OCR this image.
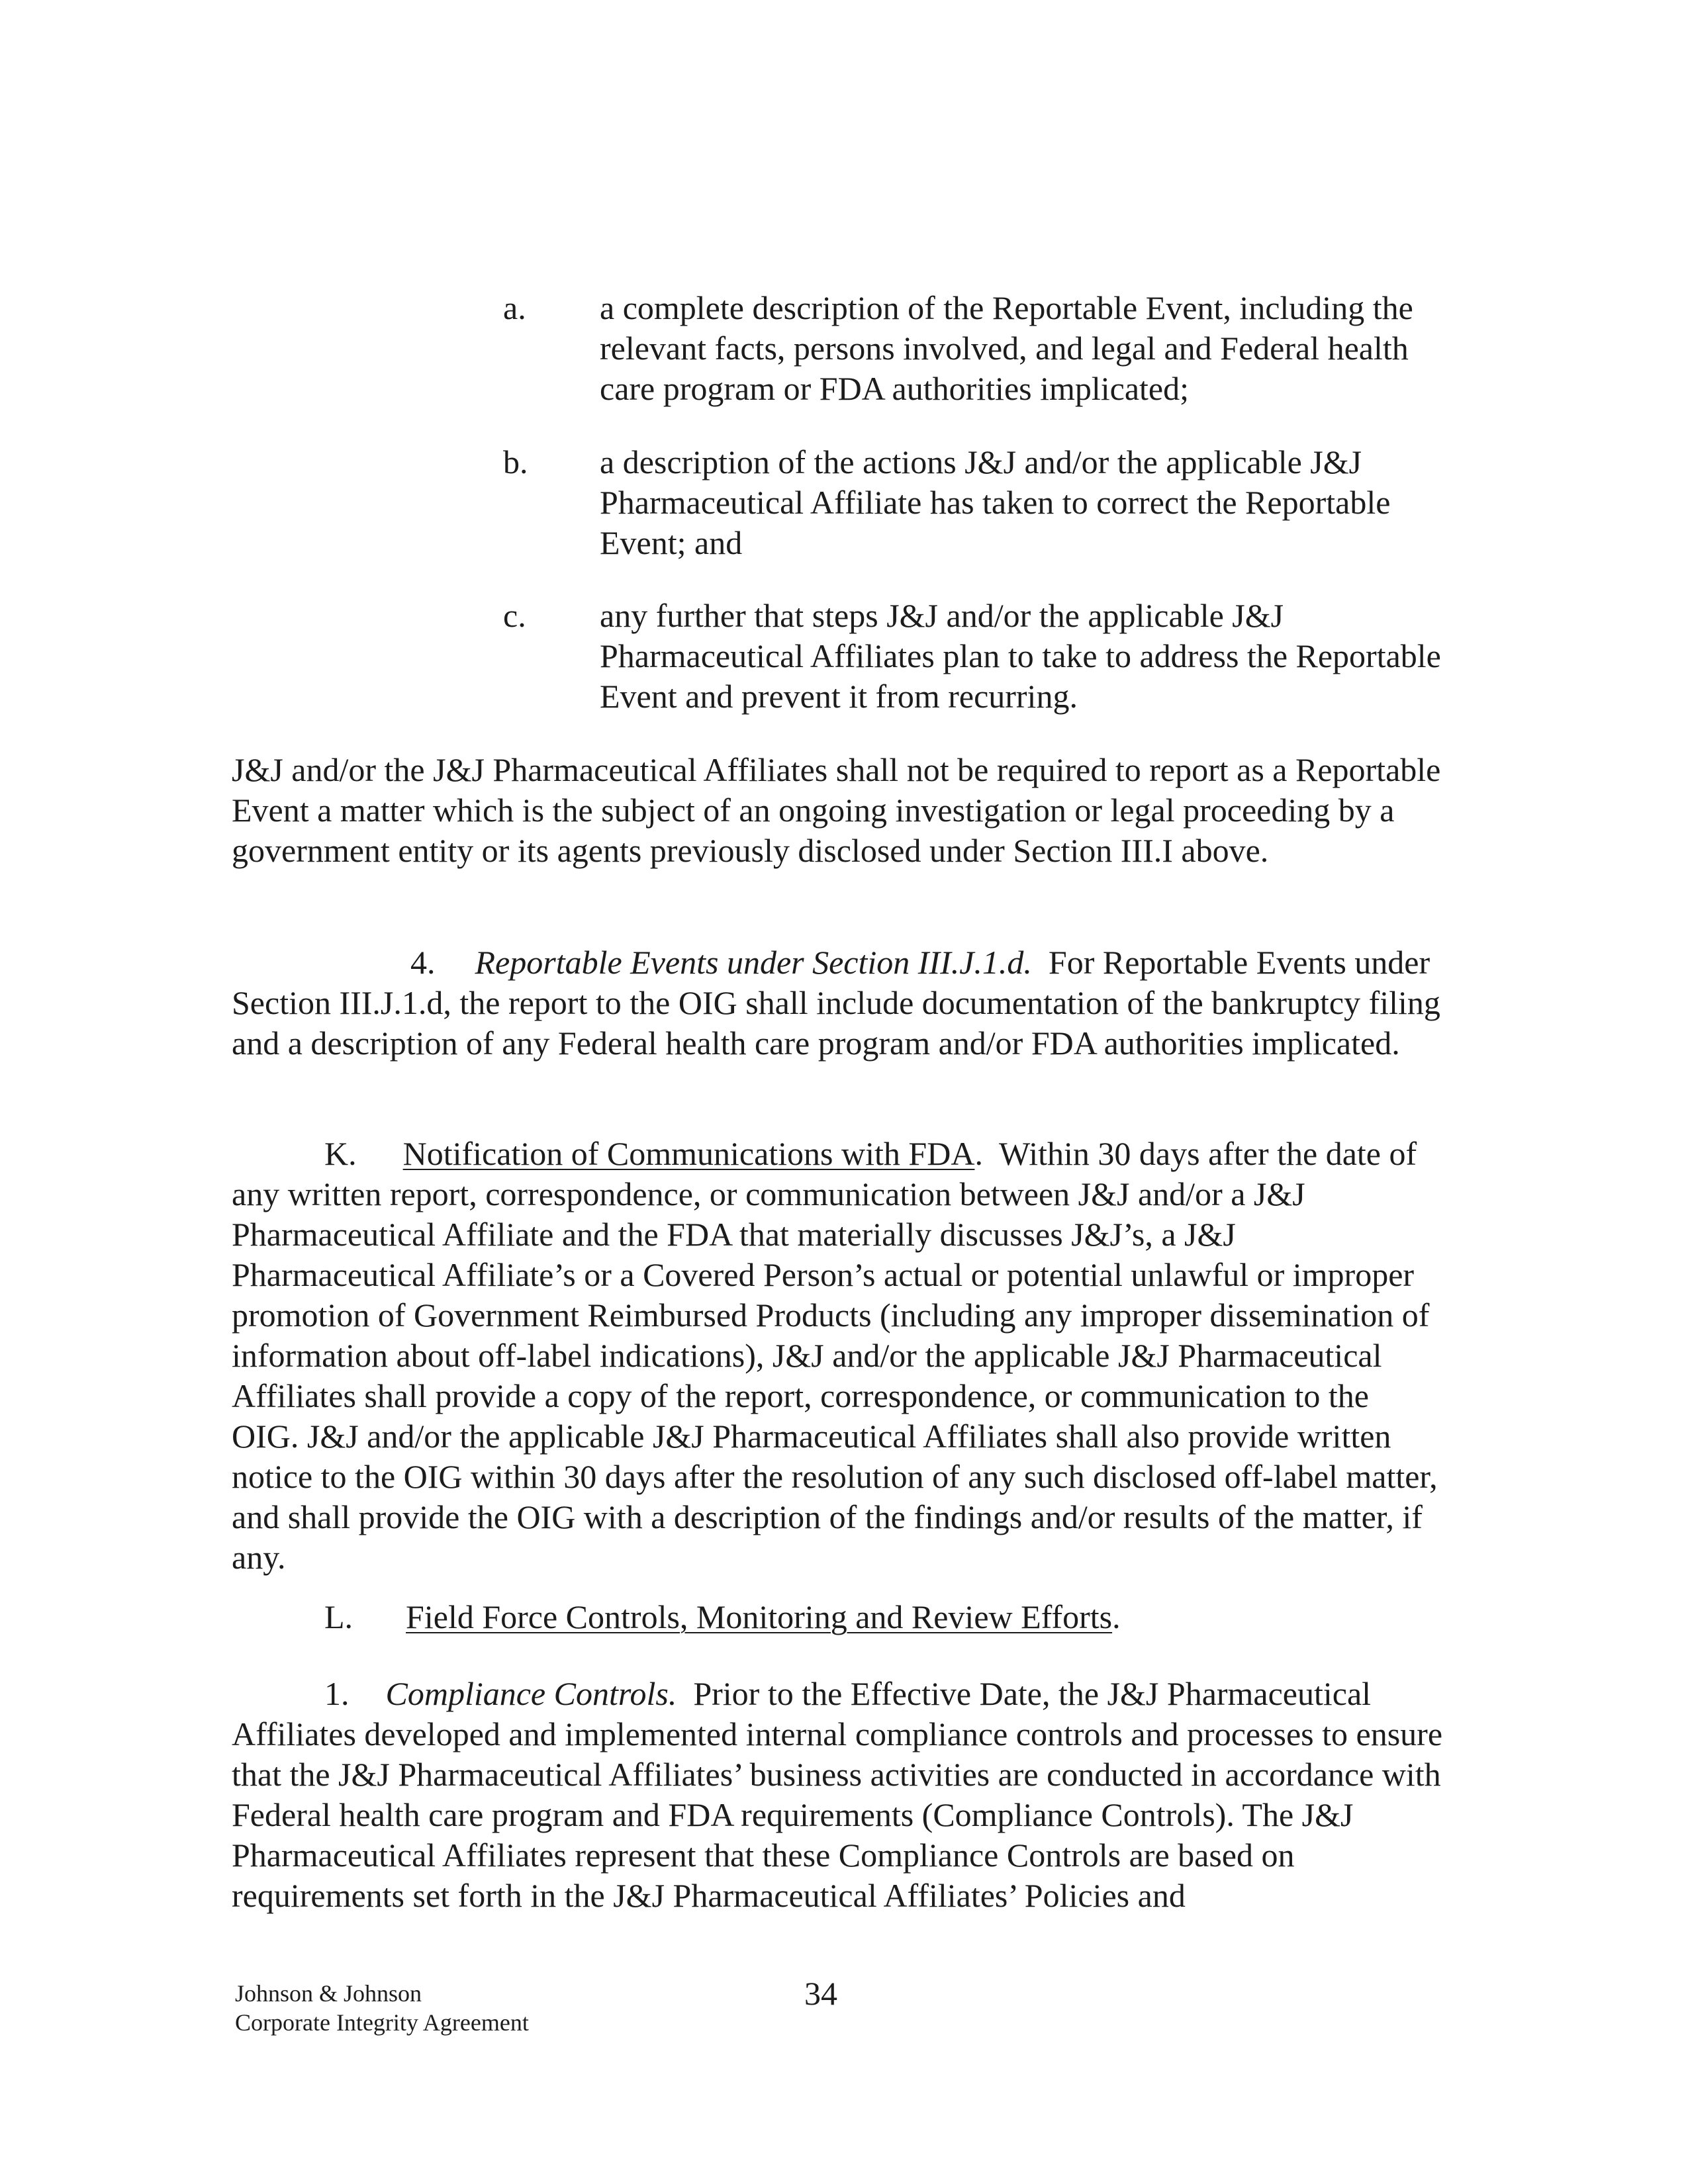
a. a complete description of the Reportable Event, including the relevant facts, persons involved, and legal and Federal health care program or FDA authorities implicated;
b. a description of the actions J&J and/or the applicable J&J Pharmaceutical Affiliate has taken to correct the Reportable Event; and
c. any further that steps J&J and/or the applicable J&J Pharmaceutical Affiliates plan to take to address the Reportable Event and prevent it from recurring.

J&J and/or the J&J Pharmaceutical Affiliates shall not be required to report as a Reportable Event a matter which is the subject of an ongoing investigation or legal proceeding by a government entity or its agents previously disclosed under Section III.I above.

4. Reportable Events under Section III.J.1.d. For Reportable Events under Section III.J.1.d, the report to the OIG shall include documentation of the bankruptcy filing and a description of any Federal health care program and/or FDA authorities implicated.

K. Notification of Communications with FDA. Within 30 days after the date of any written report, correspondence, or communication between J&J and/or a J&J Pharmaceutical Affiliate and the FDA that materially discusses J&J’s, a J&J Pharmaceutical Affiliate’s or a Covered Person’s actual or potential unlawful or improper promotion of Government Reimbursed Products (including any improper dissemination of information about off-label indications), J&J and/or the applicable J&J Pharmaceutical Affiliates shall provide a copy of the report, correspondence, or communication to the OIG. J&J and/or the applicable J&J Pharmaceutical Affiliates shall also provide written notice to the OIG within 30 days after the resolution of any such disclosed off-label matter, and shall provide the OIG with a description of the findings and/or results of the matter, if any.

L. Field Force Controls, Monitoring and Review Efforts.

1. Compliance Controls. Prior to the Effective Date, the J&J Pharmaceutical Affiliates developed and implemented internal compliance controls and processes to ensure that the J&J Pharmaceutical Affiliates’ business activities are conducted in accordance with Federal health care program and FDA requirements (Compliance Controls). The J&J Pharmaceutical Affiliates represent that these Compliance Controls are based on requirements set forth in the J&J Pharmaceutical Affiliates’ Policies and

Johnson & Johnson
Corporate Integrity Agreement
34
